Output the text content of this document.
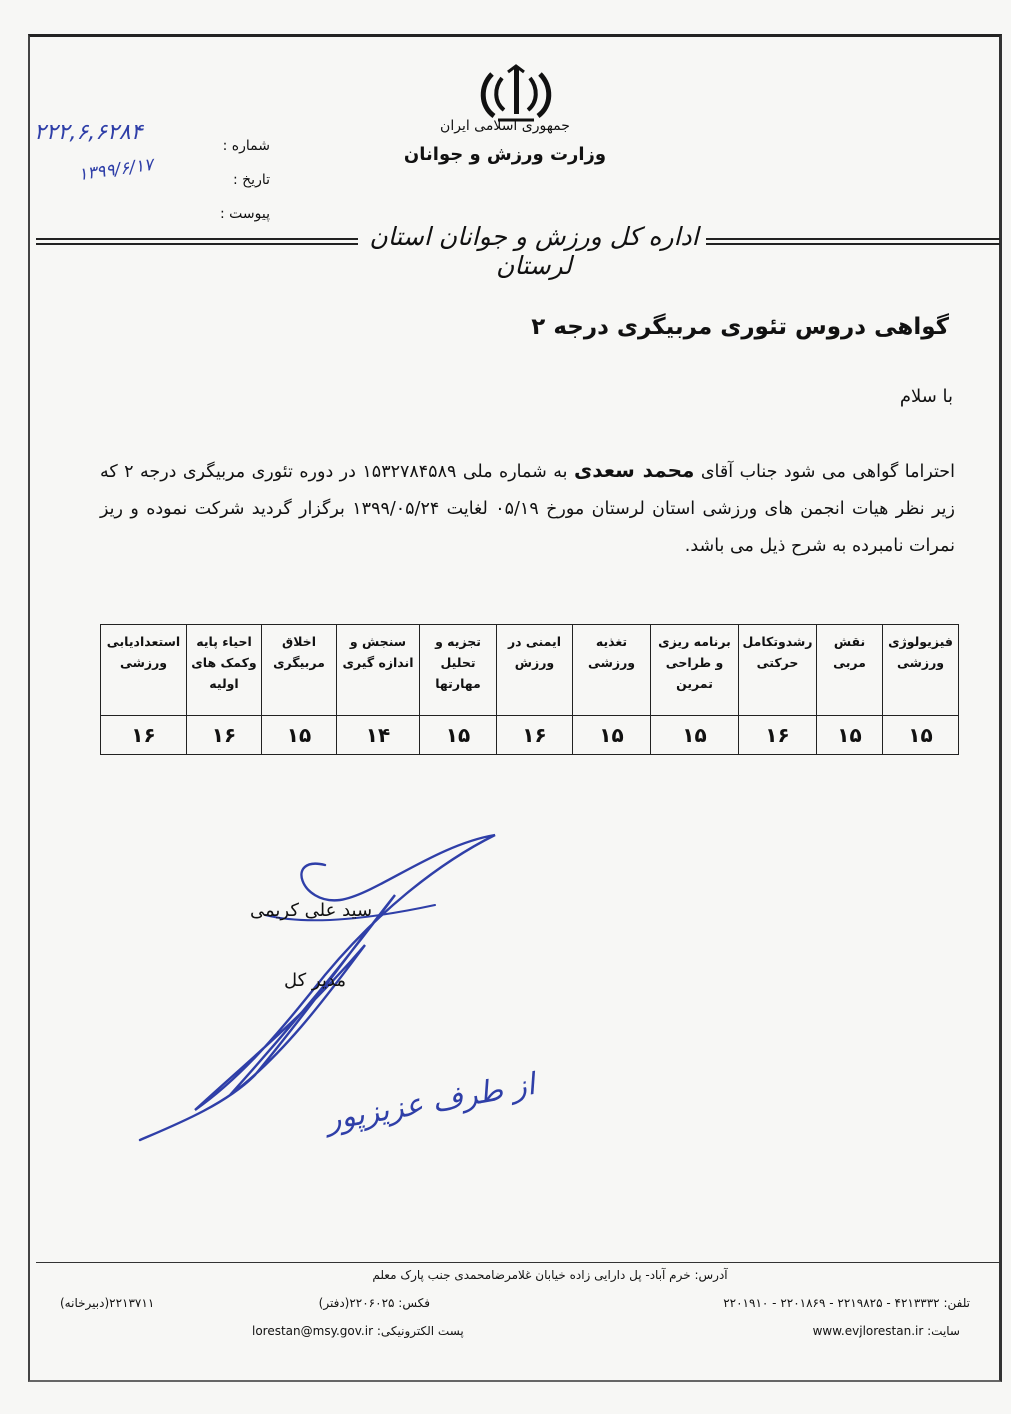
جمهوری اسلامی ایران
وزارت ورزش و جوانان
شماره :
تاریخ :
پیوست :
۲۲۲,۶,۶۲۸۴
۱۳۹۹/۶/۱۷
اداره کل ورزش و جوانان استان لرستان
گواهی دروس تئوری مربیگری درجه ۲
با سلام
احتراما گواهی می شود جناب آقای محمد سعدی به شماره ملی ۱۵۳۲۷۸۴۵۸۹ در دوره تئوری مربیگری درجه ۲ که زیر نظر هیات انجمن های ورزشی استان لرستان مورخ ۰۵/۱۹ لغایت ۱۳۹۹/۰۵/۲۴ برگزار گردید شرکت نموده و ریز نمرات نامبرده به شرح ذیل می باشد.
فیزیولوژی ورزشی	نقش مربی	رشدوتکامل حرکتی	برنامه ریزی و طراحی تمرین	تغذیه ورزشی	ایمنی در ورزش	تجزیه و تحلیل مهارتها	سنجش و اندازه گیری	اخلاق مربیگری	احیاء پایه وکمک های اولیه	استعدادیابی ورزشی
۱۵	۱۵	۱۶	۱۵	۱۵	۱۶	۱۵	۱۴	۱۵	۱۶	۱۶
سید علی کریمی
مدیر کل
از طرف عزیزپور
آدرس: خرم آباد- پل دارایی زاده خیابان غلامرضامحمدی جنب پارک معلم
تلفن: ۴۲۱۳۳۳۲ - ۲۲۱۹۸۲۵ - ۲۲۰۱۸۶۹ - ۲۲۰۱۹۱۰
فکس: ۲۲۰۶۰۲۵(دفتر)
۲۲۱۳۷۱۱(دبیرخانه)
سایت: www.evjlorestan.ir
پست الکترونیکی: lorestan@msy.gov.ir
